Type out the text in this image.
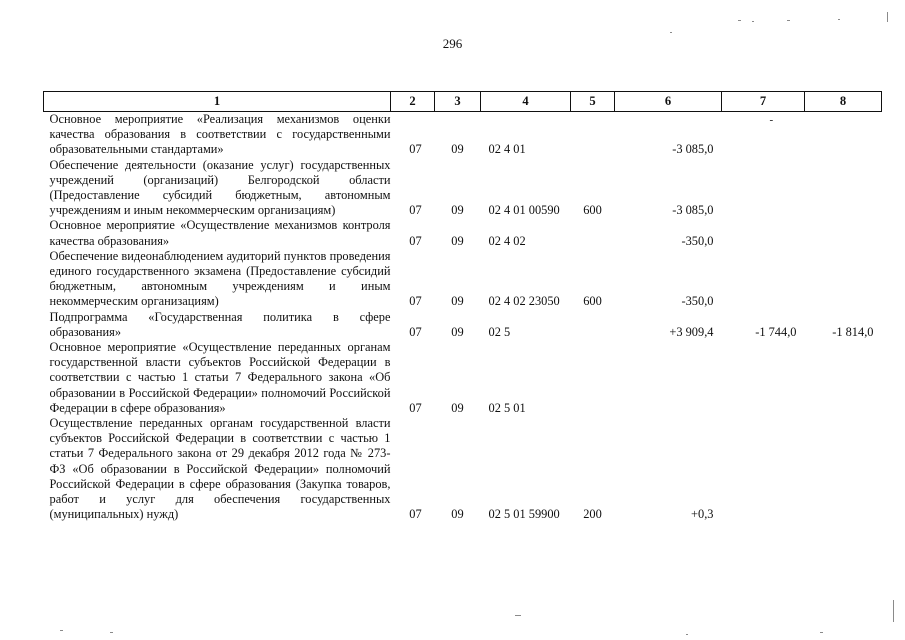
296
1	2	3	4	5	6	7	8
Основное мероприятие «Реализация механизмов оценки качества образования в соответствии с государственными образовательными стандартами»	07	09	02 4 01		-3 085,0	-	

Обеспечение деятельности (оказание услуг) государственных учреждений (организаций) Белгородской области (Предоставление субсидий бюджетным, автономным учреждениям и иным некоммерческим организациям)	07	09	02 4 01 00590	600	-3 085,0		
Основное мероприятие «Осуществление механизмов контроля качества образования»	07	09	02 4 02		-350,0		
Обеспечение видеонаблюдением аудиторий пунктов проведения единого государственного экзамена (Предоставление субсидий бюджетным, автономным учреждениям и иным некоммерческим организациям)	07	09	02 4 02 23050	600	-350,0		
Подпрограмма «Государственная политика в сфере образования»	07	09	02 5		+3 909,4	-1 744,0	-1 814,0
Основное мероприятие «Осуществление переданных органам государственной власти субъектов Российской Федерации в соответствии с частью 1 статьи 7 Федерального закона «Об образовании в Российской Федерации» полномочий Российской Федерации в сфере образования»	07	09	02 5 01				
Осуществление переданных органам государственной власти субъектов Российской Федерации в соответствии с частью 1 статьи 7 Федерального закона от 29 декабря 2012 года № 273-ФЗ «Об образовании в Российской Федерации» полномочий Российской Федерации в сфере образования (Закупка товаров, работ и услуг для обеспечения государственных (муниципальных) нужд)	07	09	02 5 01 59900	200	+0,3		
